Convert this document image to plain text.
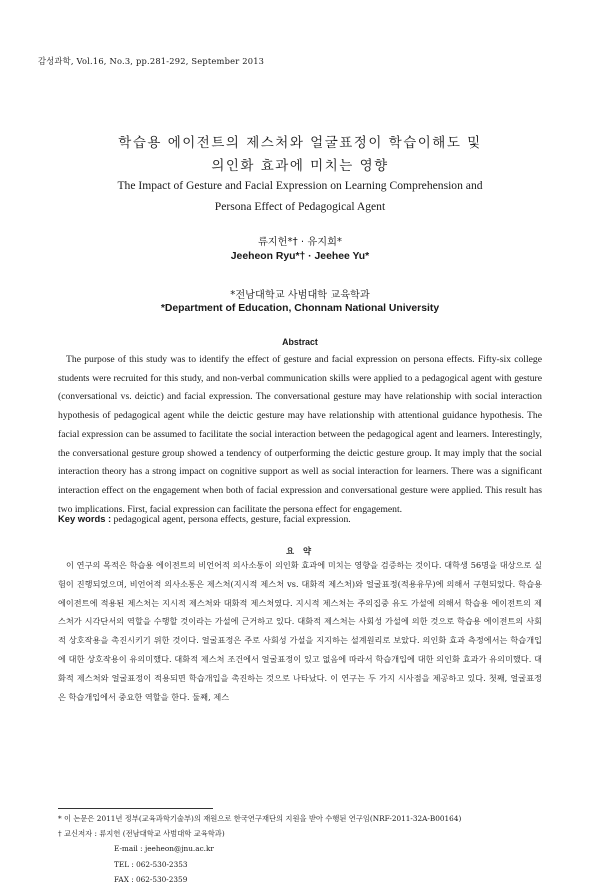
감성과학, Vol.16, No.3, pp.281-292, September 2013
학습용 에이전트의 제스처와 얼굴표정이 학습이해도 및
의인화 효과에 미치는 영향
The Impact of Gesture and Facial Expression on Learning Comprehension and
Persona Effect of Pedagogical Agent
류지헌*† · 유지희*
Jeeheon Ryu*† · Jeehee Yu*
*전남대학교 사범대학 교육학과
*Department of Education, Chonnam National University
Abstract

The purpose of this study was to identify the effect of gesture and facial expression on persona effects. Fifty-six college students were recruited for this study, and non-verbal communication skills were applied to a pedagogical agent with gesture (conversational vs. deictic) and facial expression. The conversational gesture may have relationship with social interaction hypothesis of pedagogical agent while the deictic gesture may have relationship with attentional guidance hypothesis. The facial expression can be assumed to facilitate the social interaction between the pedagogical agent and learners. Interestingly, the conversational gesture group showed a tendency of outperforming the deictic gesture group. It may imply that the social interaction theory has a strong impact on cognitive support as well as social interaction for learners. There was a significant interaction effect on the engagement when both of facial expression and conversational gesture were applied. This result has two implications. First, facial expression can facilitate the persona effect for engagement.

Key words : pedagogical agent, persona effects, gesture, facial expression.
요 약

이 연구의 목적은 학습용 에이전트의 비언어적 의사소통이 의인화 효과에 미치는 영향을 검증하는 것이다. 대학생 56명을 대상으로 실험이 진행되었으며, 비언어적 의사소통은 제스처(지시적 제스처 vs. 대화적 제스처)와 얼굴표정(적용유무)에 의해서 구현되었다. 학습용 에이전트에 적용된 제스처는 지시적 제스처와 대화적 제스처였다. 지시적 제스처는 주의집중 유도 가설에 의해서 학습용 에이전트의 제스처가 시각단서의 역할을 수행할 것이라는 가설에 근거하고 있다. 대화적 제스처는 사회성 가설에 의한 것으로 학습용 에이전트의 사회적 상호작용을 촉진시키기 위한 것이다. 얼굴표정은 주로 사회성 가설을 지지하는 설계원리로 보았다. 의인화 효과 측정에서는 학습개입에 대한 상호작용이 유의미했다. 대화적 제스처 조건에서 얼굴표정이 있고 없음에 따라서 학습개입에 대한 의인화 효과가 유의미했다. 대화적 제스처와 얼굴표정이 적용되면 학습개입을 촉진하는 것으로 나타났다. 이 연구는 두 가지 시사점을 제공하고 있다. 첫째, 얼굴표정은 학습개입에서 중요한 역할을 한다. 둘째, 제스

* 이 논문은 2011년 정부(교육과학기술부)의 재원으로 한국연구재단의 지원을 받아 수행된 연구임(NRF-2011-32A-B00164)

† 교신저자 : 류지헌 (전남대학교 사범대학 교육학과)

E-mail : jeeheon@jnu.ac.kr

TEL : 062-530-2353

FAX : 062-530-2359
